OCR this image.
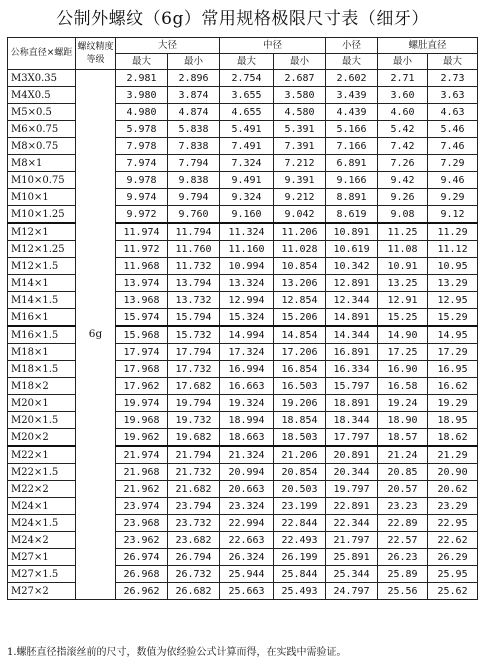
公制外螺纹（6g）常用规格极限尺寸表（细牙）
公称直径×螺距	螺纹精度等级	大径		中径		小径	螺肚直径	
		最大	最小	最大	最小	最大	最小	最大
M3X0.35	6g	2.981	2.896	2.754	2.687	2.602	2.71	2.73
M4X0.5		3.980	3.874	3.655	3.580	3.439	3.60	3.63
M5×0.5		4.980	4.874	4.655	4.580	4.439	4.60	4.63
M6×0.75		5.978	5.838	5.491	5.391	5.166	5.42	5.46
M8×0.75		7.978	7.838	7.491	7.391	7.166	7.42	7.46
M8×1		7.974	7.794	7.324	7.212	6.891	7.26	7.29
M10×0.75		9.978	9.838	9.491	9.391	9.166	9.42	9.46
M10×1		9.974	9.794	9.324	9.212	8.891	9.26	9.29
M10×1.25		9.972	9.760	9.160	9.042	8.619	9.08	9.12
M12×1		11.974	11.794	11.324	11.206	10.891	11.25	11.29
M12×1.25		11.972	11.760	11.160	11.028	10.619	11.08	11.12
M12×1.5		11.968	11.732	10.994	10.854	10.342	10.91	10.95
M14×1		13.974	13.794	13.324	13.206	12.891	13.25	13.29
M14×1.5		13.968	13.732	12.994	12.854	12.344	12.91	12.95
M16×1		15.974	15.794	15.324	15.206	14.891	15.25	15.29
M16×1.5		15.968	15.732	14.994	14.854	14.344	14.90	14.95
M18×1		17.974	17.794	17.324	17.206	16.891	17.25	17.29
M18×1.5		17.968	17.732	16.994	16.854	16.334	16.90	16.95
M18×2		17.962	17.682	16.663	16.503	15.797	16.58	16.62
M20×1		19.974	19.794	19.324	19.206	18.891	19.24	19.29
M20×1.5		19.968	19.732	18.994	18.854	18.344	18.90	18.95
M20×2		19.962	19.682	18.663	18.503	17.797	18.57	18.62
M22×1		21.974	21.794	21.324	21.206	20.891	21.24	21.29
M22×1.5		21.968	21.732	20.994	20.854	20.344	20.85	20.90
M22×2		21.962	21.682	20.663	20.503	19.797	20.57	20.62
M24×1		23.974	23.794	23.324	23.199	22.891	23.23	23.29
M24×1.5		23.968	23.732	22.994	22.844	22.344	22.89	22.95
M24×2		23.962	23.682	22.663	22.493	21.797	22.57	22.62
M27×1		26.974	26.794	26.324	26.199	25.891	26.23	26.29
M27×1.5		26.968	26.732	25.944	25.844	25.344	25.89	25.95
M27×2		26.962	26.682	25.663	25.493	24.797	25.56	25.62
1.螺胚直径指滚丝前的尺寸，数值为依经验公式计算而得，在实践中需验证。
